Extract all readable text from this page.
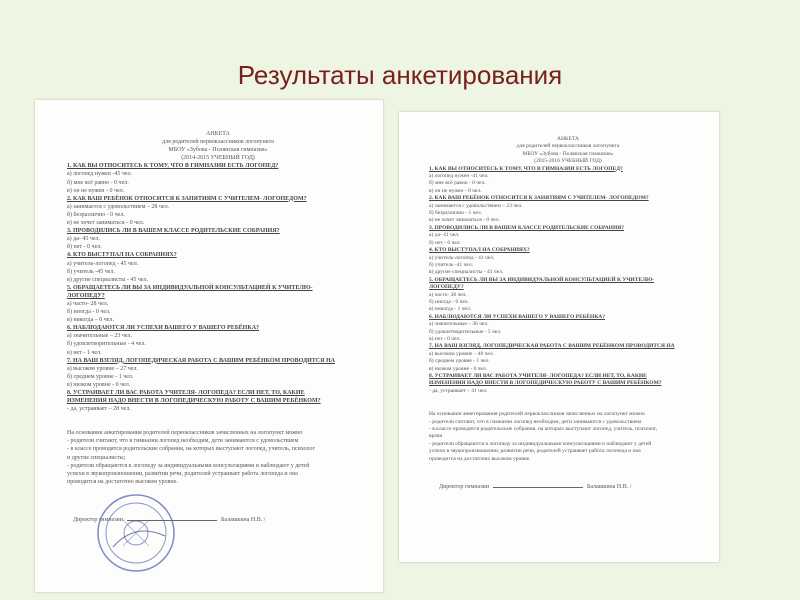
Результаты анкетирования
АНКЕТА
для родителей первоклассников логопункта
МБОУ «Зубова - Полянская гимназия»
(2014-2015 УЧЕБНЫЙ ГОД)
1. КАК ВЫ ОТНОСИТЕСЬ К ТОМУ, ЧТО В ГИМНАЗИИ ЕСТЬ ЛОГОПЕД?
а) логопед нужен -45 чел.
б) мне всё равно - 0 чел.
в) он не нужен - 0 чел.
2. КАК ВАШ РЕБЁНОК ОТНОСИТСЯ К ЗАНЯТИЯМ С УЧИТЕЛЕМ- ЛОГОПЕДОМ?
а) занимается с удовольствием – 28 чел.
б) безразлично - 0 чел.
в) не хочет заниматься - 0 чел.
3. ПРОВОДИЛИСЬ ЛИ В ВАШЕМ КЛАССЕ РОДИТЕЛЬСКИЕ СОБРАНИЯ?
а) да- 45 чел.
б) нет - 0 чел.
4. КТО ВЫСТУПАЛ НА СОБРАНИЯХ?
а) учитель-логопед - 45 чел.
б) учитель -45 чел.
в) другие специалисты - 45 чел.
5. ОБРАЩАЕТЕСЬ ЛИ ВЫ ЗА ИНДИВИДУАЛЬНОЙ КОНСУЛЬТАЦИЕЙ К УЧИТЕЛЮ-
ЛОГОПЕДУ?
а) часто- 28 чел.
б) иногда - 0 чел.
в) никогда – 0 чел.
6. НАБЛЮДАЮТСЯ ЛИ УСПЕХИ ВАШЕГО У ВАШЕГО РЕБЁНКА?
а) значительные – 23 чел.
б) удовлетворительные - 4 чел.
в) нет - 1 чел.
7. НА ВАШ ВЗГЛЯД, ЛОГОПЕДИЧЕСКАЯ РАБОТА С ВАШИМ РЕБЁНКОМ ПРОВОДИТСЯ НА
а) высоком уровне – 27 чел.
б) среднем уровне - 1 чел.
в) низком уровне - 0 чел.
8. УСТРАИВАЕТ ЛИ ВАС РАБОТА УЧИТЕЛЯ- ЛОГОПЕДА? ЕСЛИ НЕТ, ТО, КАКИЕ
ИЗМЕНЕНИЯ НАДО ВНЕСТИ В ЛОГОПЕДИЧЕСКУЮ РАБОТУ С ВАШИМ РЕБЁНКОМ?
- да, устраивает – 28 чел.
На основании анкетирования родителей первоклассников зачисленных на логопункт можно
- родители считают, что в гимназии логопед необходим, дети занимаются с удовольствием
- в классе проводятся родительские собрания, на которых выступают логопед, учитель, психолог
и другие специалисты;
- родители обращаются к логопеду за индивидуальными консультациями и наблюдают у детей
успехи в звукопроизношении, развитии речи, родителей устраивает работа логопеда и она
проводится на достаточно высоком уровне.
Директор гимназии	Балашкина Н.В. /
АНКЕТА
для родителей первоклассников логопункта
МБОУ «Зубова - Полянская гимназия»
(2015-2016 УЧЕБНЫЙ ГОД)
1. КАК ВЫ ОТНОСИТЕСЬ К ТОМУ, ЧТО В ГИМНАЗИИ ЕСТЬ ЛОГОПЕД?
а) логопед нужен -41 чел.
б) мне всё равно - 0 чел.
в) он не нужен - 0 чел.
2. КАК ВАШ РЕБЁНОК ОТНОСИТСЯ К ЗАНЯТИЯМ С УЧИТЕЛЕМ- ЛОГОПЕДОМ?
а) занимается с удовольствием – 23 чел.
б) безразлично - 1 чел.
в) не хочет заниматься - 0 чел.
3. ПРОВОДИЛИСЬ ЛИ В ВАШЕМ КЛАССЕ РОДИТЕЛЬСКИЕ СОБРАНИЯ?
а) да- 41 чел.
б) нет - 0 чел.
4. КТО ВЫСТУПАЛ НА СОБРАНИЯХ?
а) учитель-логопед - 41 чел.
б) учитель -41 чел.
в) другие специалисты - 41 чел.
5. ОБРАЩАЕТЕСЬ ЛИ ВЫ ЗА ИНДИВИДУАЛЬНОЙ КОНСУЛЬТАЦИЕЙ К УЧИТЕЛЮ-
ЛОГОПЕДУ?
а) часто- 38 чел.
б) иногда - 0 чел.
в) никогда - 1 чел.
6. НАБЛЮДАЮТСЯ ЛИ УСПЕХИ ВАШЕГО У ВАШЕГО РЕБЁНКА?
а) значительные – 36 чел.
б) удовлетворительные - 5 чел.
в) нет - 0 чел.
7. НА ВАШ ВЗГЛЯД, ЛОГОПЕДИЧЕСКАЯ РАБОТА С ВАШИМ РЕБЁНКОМ ПРОВОДИТСЯ НА
а) высоком уровне – 40 чел.
б) среднем уровне - 1 чел.
в) низком уровне - 0 чел.
8. УСТРАИВАЕТ ЛИ ВАС РАБОТА УЧИТЕЛЯ- ЛОГОПЕДА? ЕСЛИ НЕТ, ТО, КАКИЕ
ИЗМЕНЕНИЯ НАДО ВНЕСТИ В ЛОГОПЕДИЧЕСКУЮ РАБОТУ С ВАШИМ РЕБЁНКОМ?
- да, устраивает – 41 чел.
На основании анкетирования родителей первоклассников зачисленных на логопункт можно
- родители считают, что в гимназии логопед необходим, дети занимаются с удовольствием
- в классе проводятся родительские собрания, на которых выступают логопед, учитель, психолог,
врачи
- родители обращаются к логопеду за индивидуальными консультациями и наблюдают у детей
успехи в звукопроизношении, развитии речи, родителей устраивает работа логопеда и она
проводится на достаточно высоком уровне.
Директор гимназии	Балашкина Н.В. /
